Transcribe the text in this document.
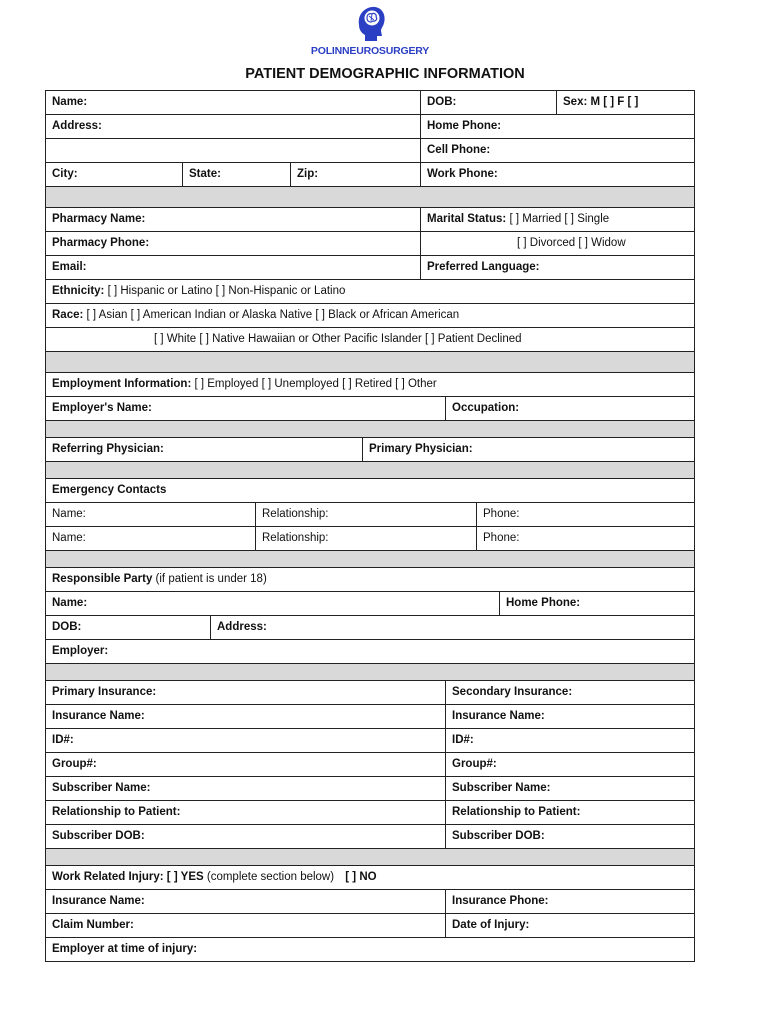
POLINNEUROSURGERY
PATIENT DEMOGRAPHIC INFORMATION
Name:	DOB:	Sex: M [ ] F [ ]
Address:	Home Phone:
Cell Phone:
City:	State:	Zip:	Work Phone:
Pharmacy Name:	Marital Status: [ ] Married [ ] Single
Pharmacy Phone:	[ ] Divorced [ ] Widow
Email:	Preferred Language:
Ethnicity: [ ] Hispanic or Latino [ ] Non-Hispanic or Latino
Race: [ ] Asian [ ] American Indian or Alaska Native [ ] Black or African American
[ ] White [ ] Native Hawaiian or Other Pacific Islander [ ] Patient Declined
Employment Information: [ ] Employed [ ] Unemployed [ ] Retired [ ] Other
Employer's Name:	Occupation:
Referring Physician:	Primary Physician:
Emergency Contacts
Name:	Relationship:	Phone:
Name:	Relationship:	Phone:
Responsible Party (if patient is under 18)
Name:	Home Phone:
DOB:	Address:
Employer:
Primary Insurance:	Secondary Insurance:
Insurance Name:	Insurance Name:
ID#:	ID#:
Group#:	Group#:
Subscriber Name:	Subscriber Name:
Relationship to Patient:	Relationship to Patient:
Subscriber DOB:	Subscriber DOB:
Work Related Injury: [ ] YES (complete section below) [ ] NO
Insurance Name:	Insurance Phone:
Claim Number:	Date of Injury:
Employer at time of injury:
